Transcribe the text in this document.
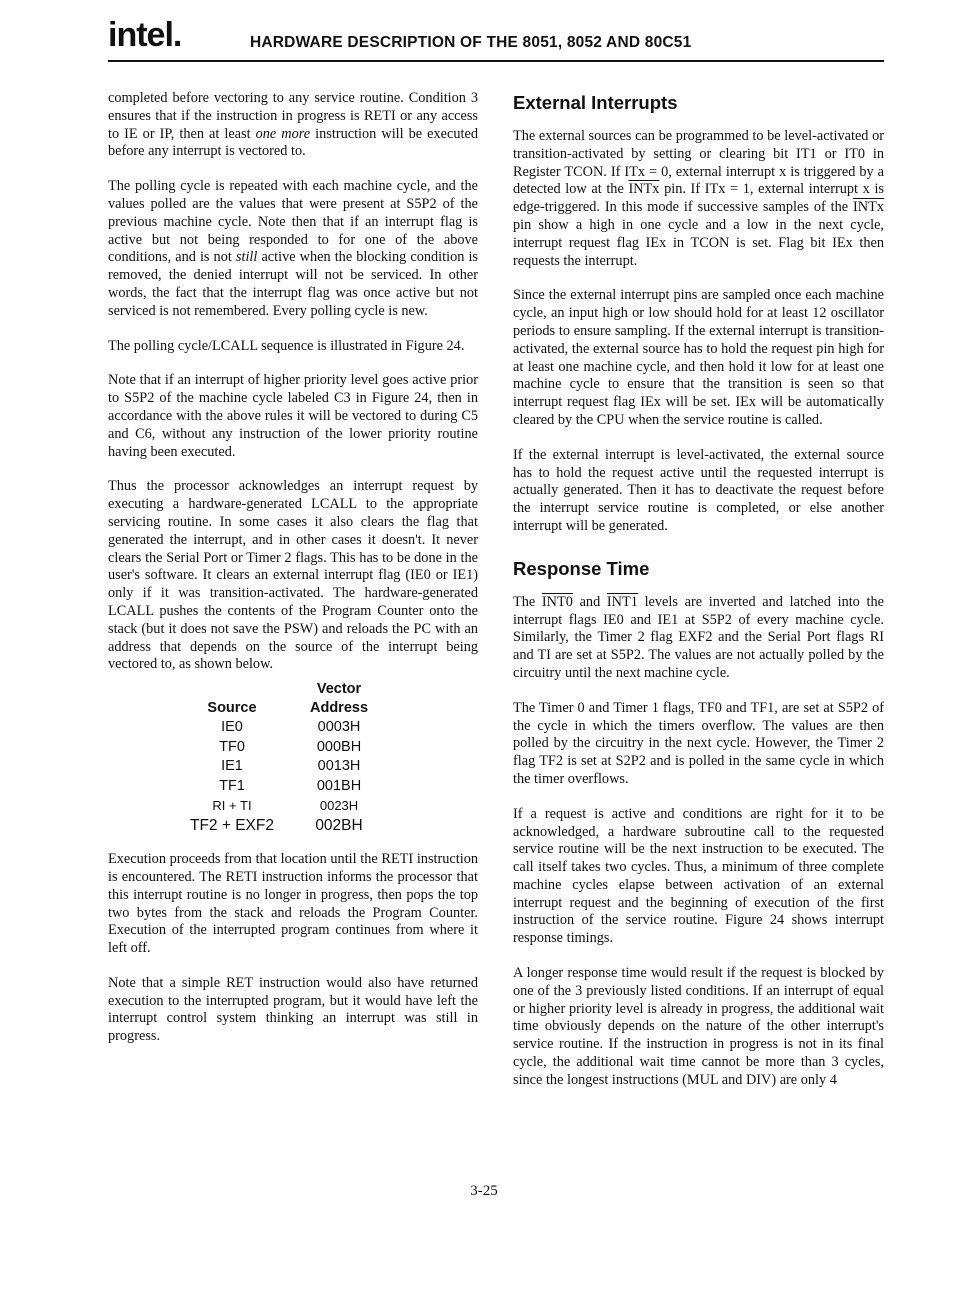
intel.	HARDWARE DESCRIPTION OF THE 8051, 8052 AND 80C51

completed before vectoring to any service routine. Condition 3 ensures that if the instruction in progress is RETI or any access to IE or IP, then at least one more instruction will be executed before any interrupt is vectored to.

The polling cycle is repeated with each machine cycle, and the values polled are the values that were present at S5P2 of the previous machine cycle. Note then that if an interrupt flag is active but not being responded to for one of the above conditions, and is not still active when the blocking condition is removed, the denied interrupt will not be serviced. In other words, the fact that the interrupt flag was once active but not serviced is not remembered. Every polling cycle is new.

The polling cycle/LCALL sequence is illustrated in Figure 24.

Note that if an interrupt of higher priority level goes active prior to S5P2 of the machine cycle labeled C3 in Figure 24, then in accordance with the above rules it will be vectored to during C5 and C6, without any instruction of the lower priority routine having been executed.

Thus the processor acknowledges an interrupt request by executing a hardware-generated LCALL to the appropriate servicing routine. In some cases it also clears the flag that generated the interrupt, and in other cases it doesn't. It never clears the Serial Port or Timer 2 flags. This has to be done in the user's software. It clears an external interrupt flag (IE0 or IE1) only if it was transition-activated. The hardware-generated LCALL pushes the contents of the Program Counter onto the stack (but it does not save the PSW) and reloads the PC with an address that depends on the source of the interrupt being vectored to, as shown below.

Source	Vector
Address
IE0	0003H
TF0	000BH
IE1	0013H
TF1	001BH
RI + TI	0023H
TF2 + EXF2	002BH

Execution proceeds from that location until the RETI instruction is encountered. The RETI instruction informs the processor that this interrupt routine is no longer in progress, then pops the top two bytes from the stack and reloads the Program Counter. Execution of the interrupted program continues from where it left off.

Note that a simple RET instruction would also have returned execution to the interrupted program, but it would have left the interrupt control system thinking an interrupt was still in progress.

External Interrupts

The external sources can be programmed to be level-activated or transition-activated by setting or clearing bit IT1 or IT0 in Register TCON. If ITx = 0, external interrupt x is triggered by a detected low at the INTx pin. If ITx = 1, external interrupt x is edge-triggered. In this mode if successive samples of the INTx pin show a high in one cycle and a low in the next cycle, interrupt request flag IEx in TCON is set. Flag bit IEx then requests the interrupt.

Since the external interrupt pins are sampled once each machine cycle, an input high or low should hold for at least 12 oscillator periods to ensure sampling. If the external interrupt is transition-activated, the external source has to hold the request pin high for at least one machine cycle, and then hold it low for at least one machine cycle to ensure that the transition is seen so that interrupt request flag IEx will be set. IEx will be automatically cleared by the CPU when the service routine is called.

If the external interrupt is level-activated, the external source has to hold the request active until the requested interrupt is actually generated. Then it has to deactivate the request before the interrupt service routine is completed, or else another interrupt will be generated.

Response Time

The INT0 and INT1 levels are inverted and latched into the interrupt flags IE0 and IE1 at S5P2 of every machine cycle. Similarly, the Timer 2 flag EXF2 and the Serial Port flags RI and TI are set at S5P2. The values are not actually polled by the circuitry until the next machine cycle.

The Timer 0 and Timer 1 flags, TF0 and TF1, are set at S5P2 of the cycle in which the timers overflow. The values are then polled by the circuitry in the next cycle. However, the Timer 2 flag TF2 is set at S2P2 and is polled in the same cycle in which the timer overflows.

If a request is active and conditions are right for it to be acknowledged, a hardware subroutine call to the requested service routine will be the next instruction to be executed. The call itself takes two cycles. Thus, a minimum of three complete machine cycles elapse between activation of an external interrupt request and the beginning of execution of the first instruction of the service routine. Figure 24 shows interrupt response timings.

A longer response time would result if the request is blocked by one of the 3 previously listed conditions. If an interrupt of equal or higher priority level is already in progress, the additional wait time obviously depends on the nature of the other interrupt's service routine. If the instruction in progress is not in its final cycle, the additional wait time cannot be more than 3 cycles, since the longest instructions (MUL and DIV) are only 4

3-25
